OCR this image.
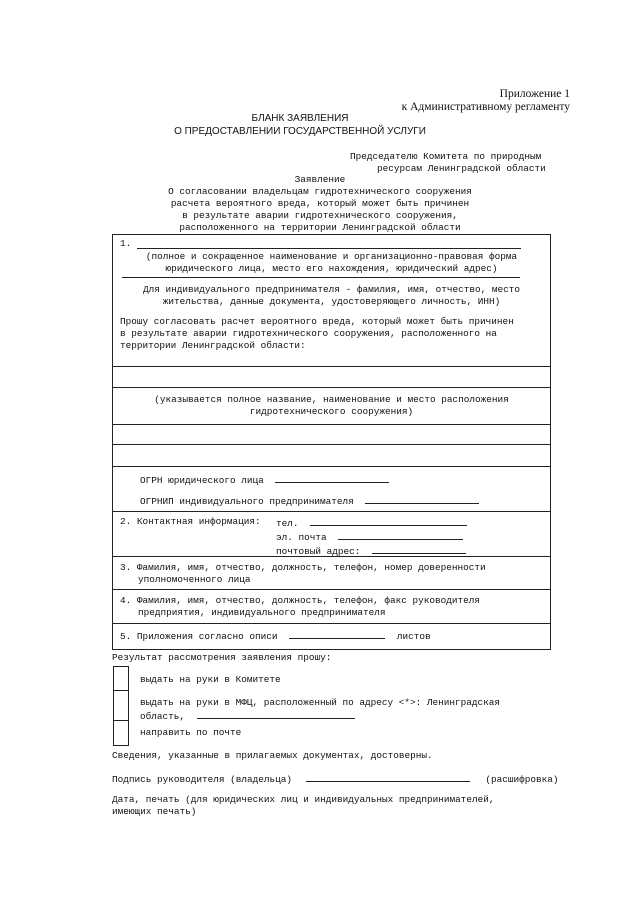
Приложение 1
к Административному регламенту
БЛАНК ЗАЯВЛЕНИЯ
О ПРЕДОСТАВЛЕНИИ ГОСУДАРСТВЕННОЙ УСЛУГИ
Председателю Комитета по природным
ресурсам Ленинградской области
Заявление
О согласовании владельцам гидротехнического сооружения
расчета вероятного вреда, который может быть причинен
в результате аварии гидротехнического сооружения,
расположенного на территории Ленинградской области
1.
(полное и сокращенное наименование и организационно-правовая форма
юридического лица, место его нахождения, юридический адрес)
Для индивидуального предпринимателя - фамилия, имя, отчество, место
жительства, данные документа, удостоверяющего личность, ИНН)
Прошу согласовать расчет вероятного вреда, который может быть причинен
в результате аварии гидротехнического сооружения, расположенного на
территории Ленинградской области:
(указывается полное название, наименование и место расположения
гидротехнического сооружения)
ОГРН юридического лица
ОГРНИП индивидуального предпринимателя
2. Контактная информация: тел.
эл. почта
почтовый адрес:
3. Фамилия, имя, отчество, должность, телефон, номер доверенности
уполномоченного лица
4. Фамилия, имя, отчество, должность, телефон, факс руководителя
предприятия, индивидуального предпринимателя
5. Приложения согласно описи	листов
Результат рассмотрения заявления прошу:
выдать на руки в Комитете
выдать на руки в МФЦ, расположенный по адресу <*>: Ленинградская
область,
направить по почте
Сведения, указанные в прилагаемых документах, достоверны.
Подпись руководителя (владельца)	(расшифровка)
Дата, печать (для юридических лиц и индивидуальных предпринимателей,
имеющих печать)
